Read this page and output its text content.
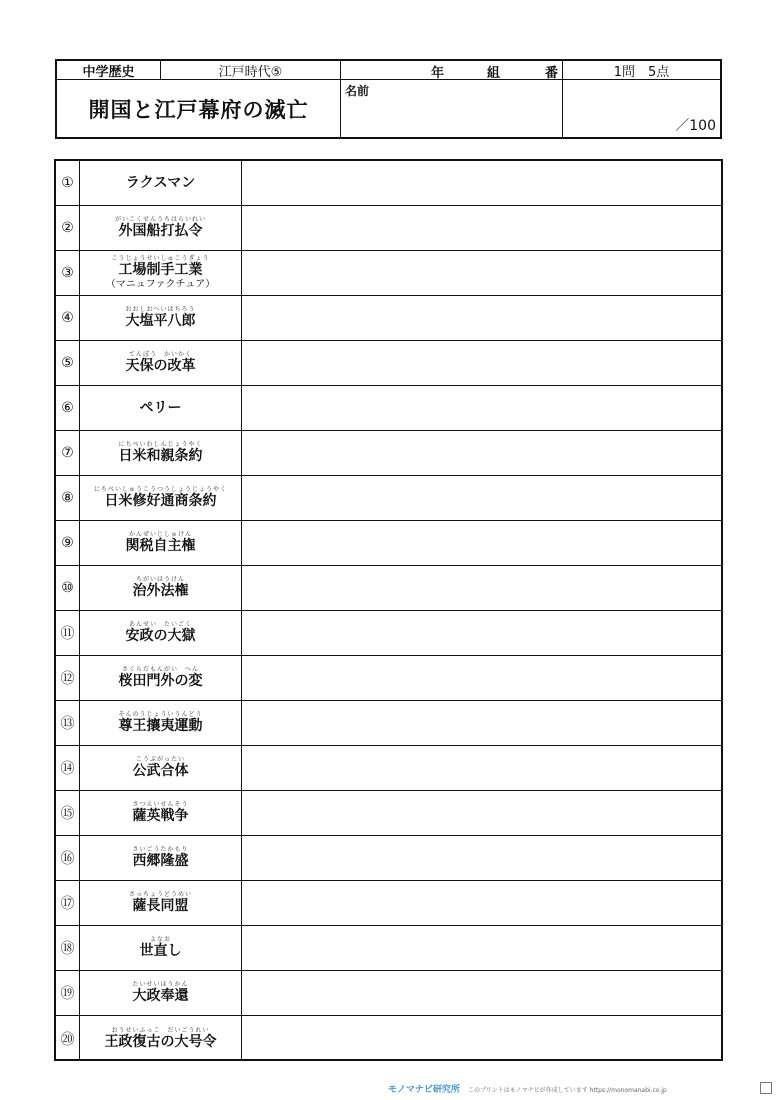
中学歴史	江戸時代⑤	年	組	番	1問　5点
開国と江戸幕府の滅亡
名前
／100
①	ラクスマン
②
がいこくせんうちはらいれい
外国船打払令
③
こうじょうせいしゅこうぎょう
工場制手工業
（マニュファクチュア）
④
おおしおへいはちろう
大塩平八郎
⑤
てんぽう　かいかく
天保の改革
⑥	ペリー
⑦
にちべいわしんじょうやく
日米和親条約
⑧
にちべいしゅうこうつうしょうじょうやく
日米修好通商条約
⑨
かんぜいじしゅけん
関税自主権
⑩
ちがいほうけん
治外法権
⑪
あんせい　たいごく
安政の大獄
⑫
さくらだもんがい　へん
桜田門外の変
⑬
そんのうじょういうんどう
尊王攘夷運動
⑭
こうぶがったい
公武合体
⑮
さつえいせんそう
薩英戦争
⑯
さいごうたかもり
西郷隆盛
⑰
さっちょうどうめい
薩長同盟
⑱
よなお
世直し
⑲
たいせいほうかん
大政奉還
⑳
おうせいふっこ　だいごうれい
王政復古の大号令
モノマナビ研究所 このプリントはモノマナビが作成しています https://monomanabi.co.jp
